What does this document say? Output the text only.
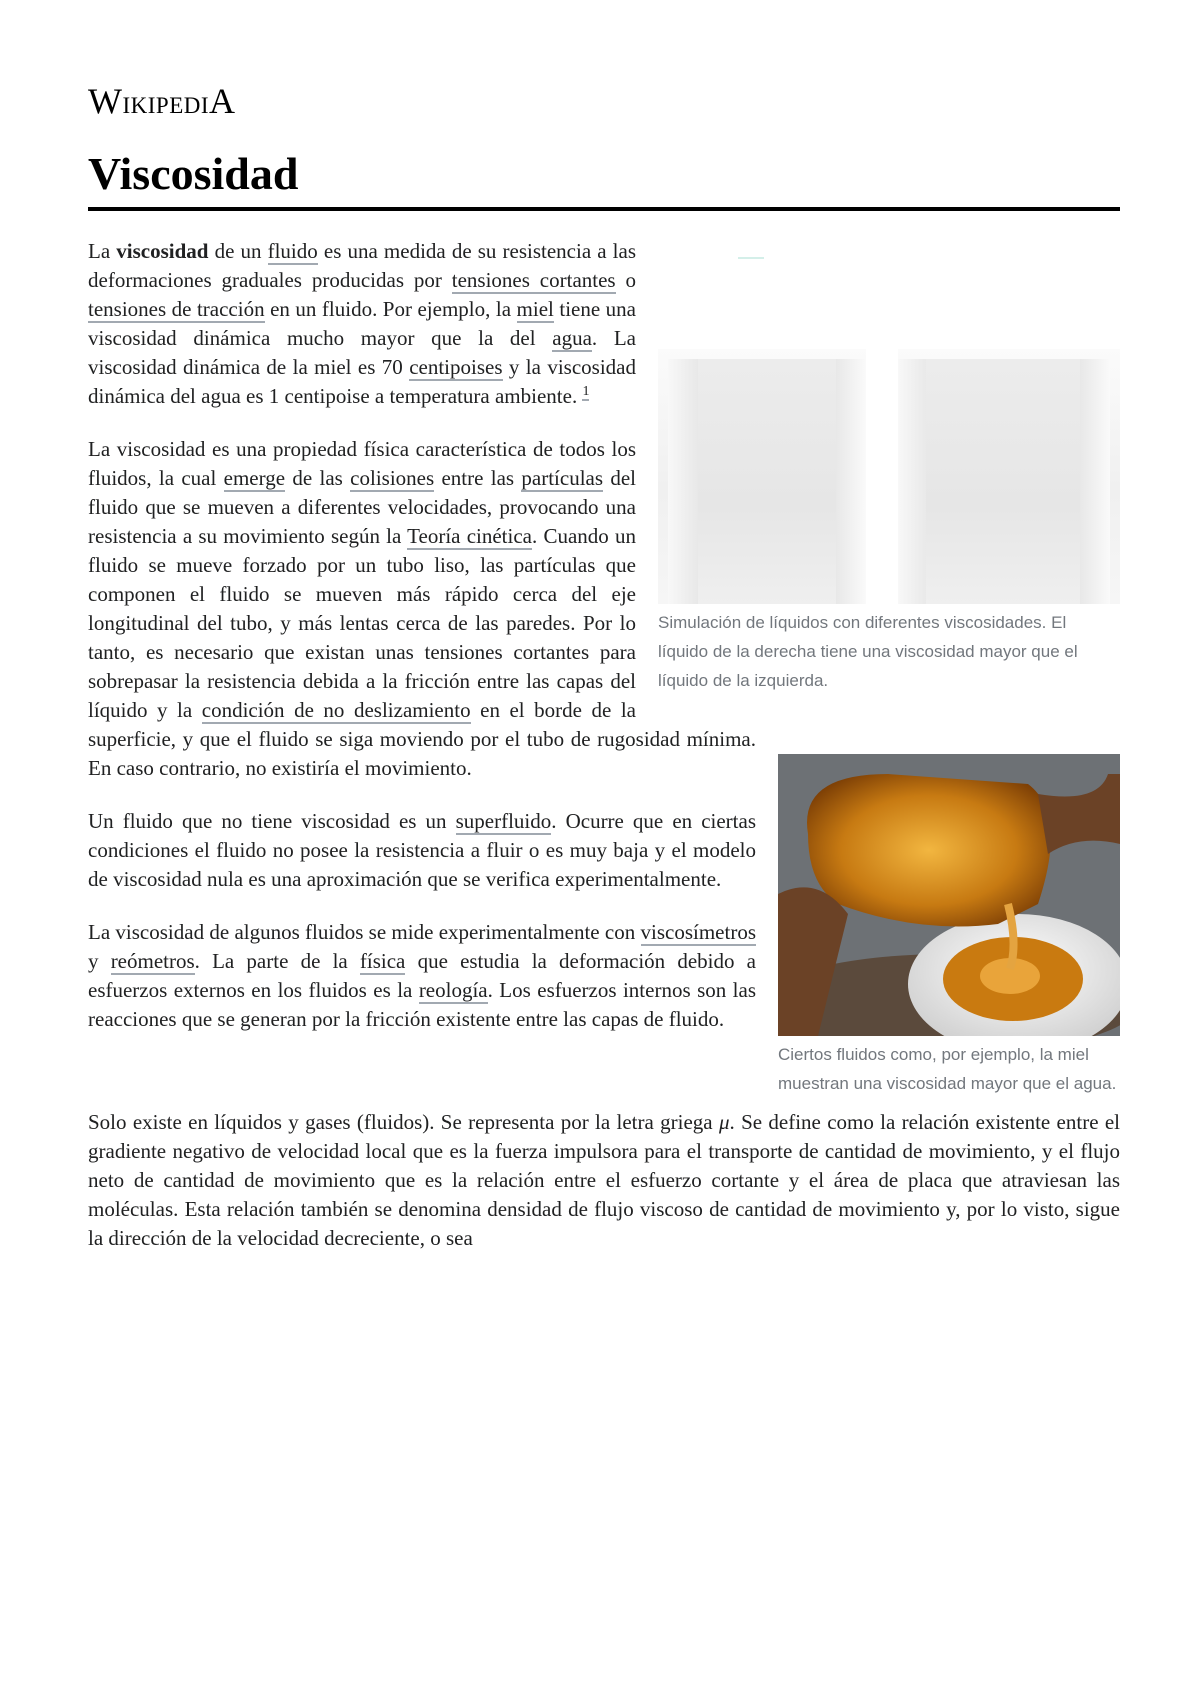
WikipediA
Viscosidad
Simulación de líquidos con diferentes viscosidades. El líquido de la derecha tiene una viscosidad mayor que el líquido de la izquierda.

La viscosidad de un fluido es una medida de su resistencia a las deformaciones graduales producidas por tensiones cortantes o tensiones de tracción en un fluido. Por ejemplo, la miel tiene una viscosidad dinámica mucho mayor que la del agua. La viscosidad dinámica de la miel es 70 centipoises y la viscosidad dinámica del agua es 1 centipoise a temperatura ambiente. $^1$

La viscosidad es una propiedad física característica de todos los fluidos, la cual emerge de las colisiones entre las partículas del fluido que se mueven a diferentes velocidades, provocando una resistencia a su movimiento según la Teoría cinética. Cuando un fluido se mueve forzado por un tubo liso, las partículas que componen el fluido se mueven más rápido cerca del eje longitudinal del tubo, y más lentas cerca de las paredes. Por lo tanto, es necesario que existan unas tensiones cortantes para sobrepasar la resistencia debida a la fricción entre las capas del líquido y la condición de no deslizamiento en el borde de la superficie, y que el fluido se siga moviendo por el tubo de rugosidad mínima. En caso contrario, no existiría el movimiento.

Un fluido que no tiene viscosidad es un superfluido. Ocurre que en ciertas condiciones el fluido no posee la resistencia a fluir o es muy baja y el modelo de viscosidad nula es una aproximación que se verifica experimentalmente.

La viscosidad de algunos fluidos se mide experimentalmente con viscosímetros y reómetros. La parte de la física que estudia la deformación debido a esfuerzos externos en los fluidos es la reología. Los esfuerzos internos son las reacciones que se generan por la fricción existente entre las capas de fluido.

Solo existe en líquidos y gases (fluidos). Se representa por la letra griega μ. Se define como la relación existente entre el gradiente negativo de velocidad local que es la fuerza impulsora para el transporte de cantidad de movimiento, y el flujo neto de cantidad de movimiento que es la relación entre el esfuerzo cortante y el área de placa que atraviesan las moléculas. Esta relación también se denomina densidad de flujo viscoso de cantidad de movimiento y, por lo visto, sigue la dirección de la velocidad decreciente, o sea

Ciertos fluidos como, por ejemplo, la miel muestran una viscosidad mayor que el agua.
